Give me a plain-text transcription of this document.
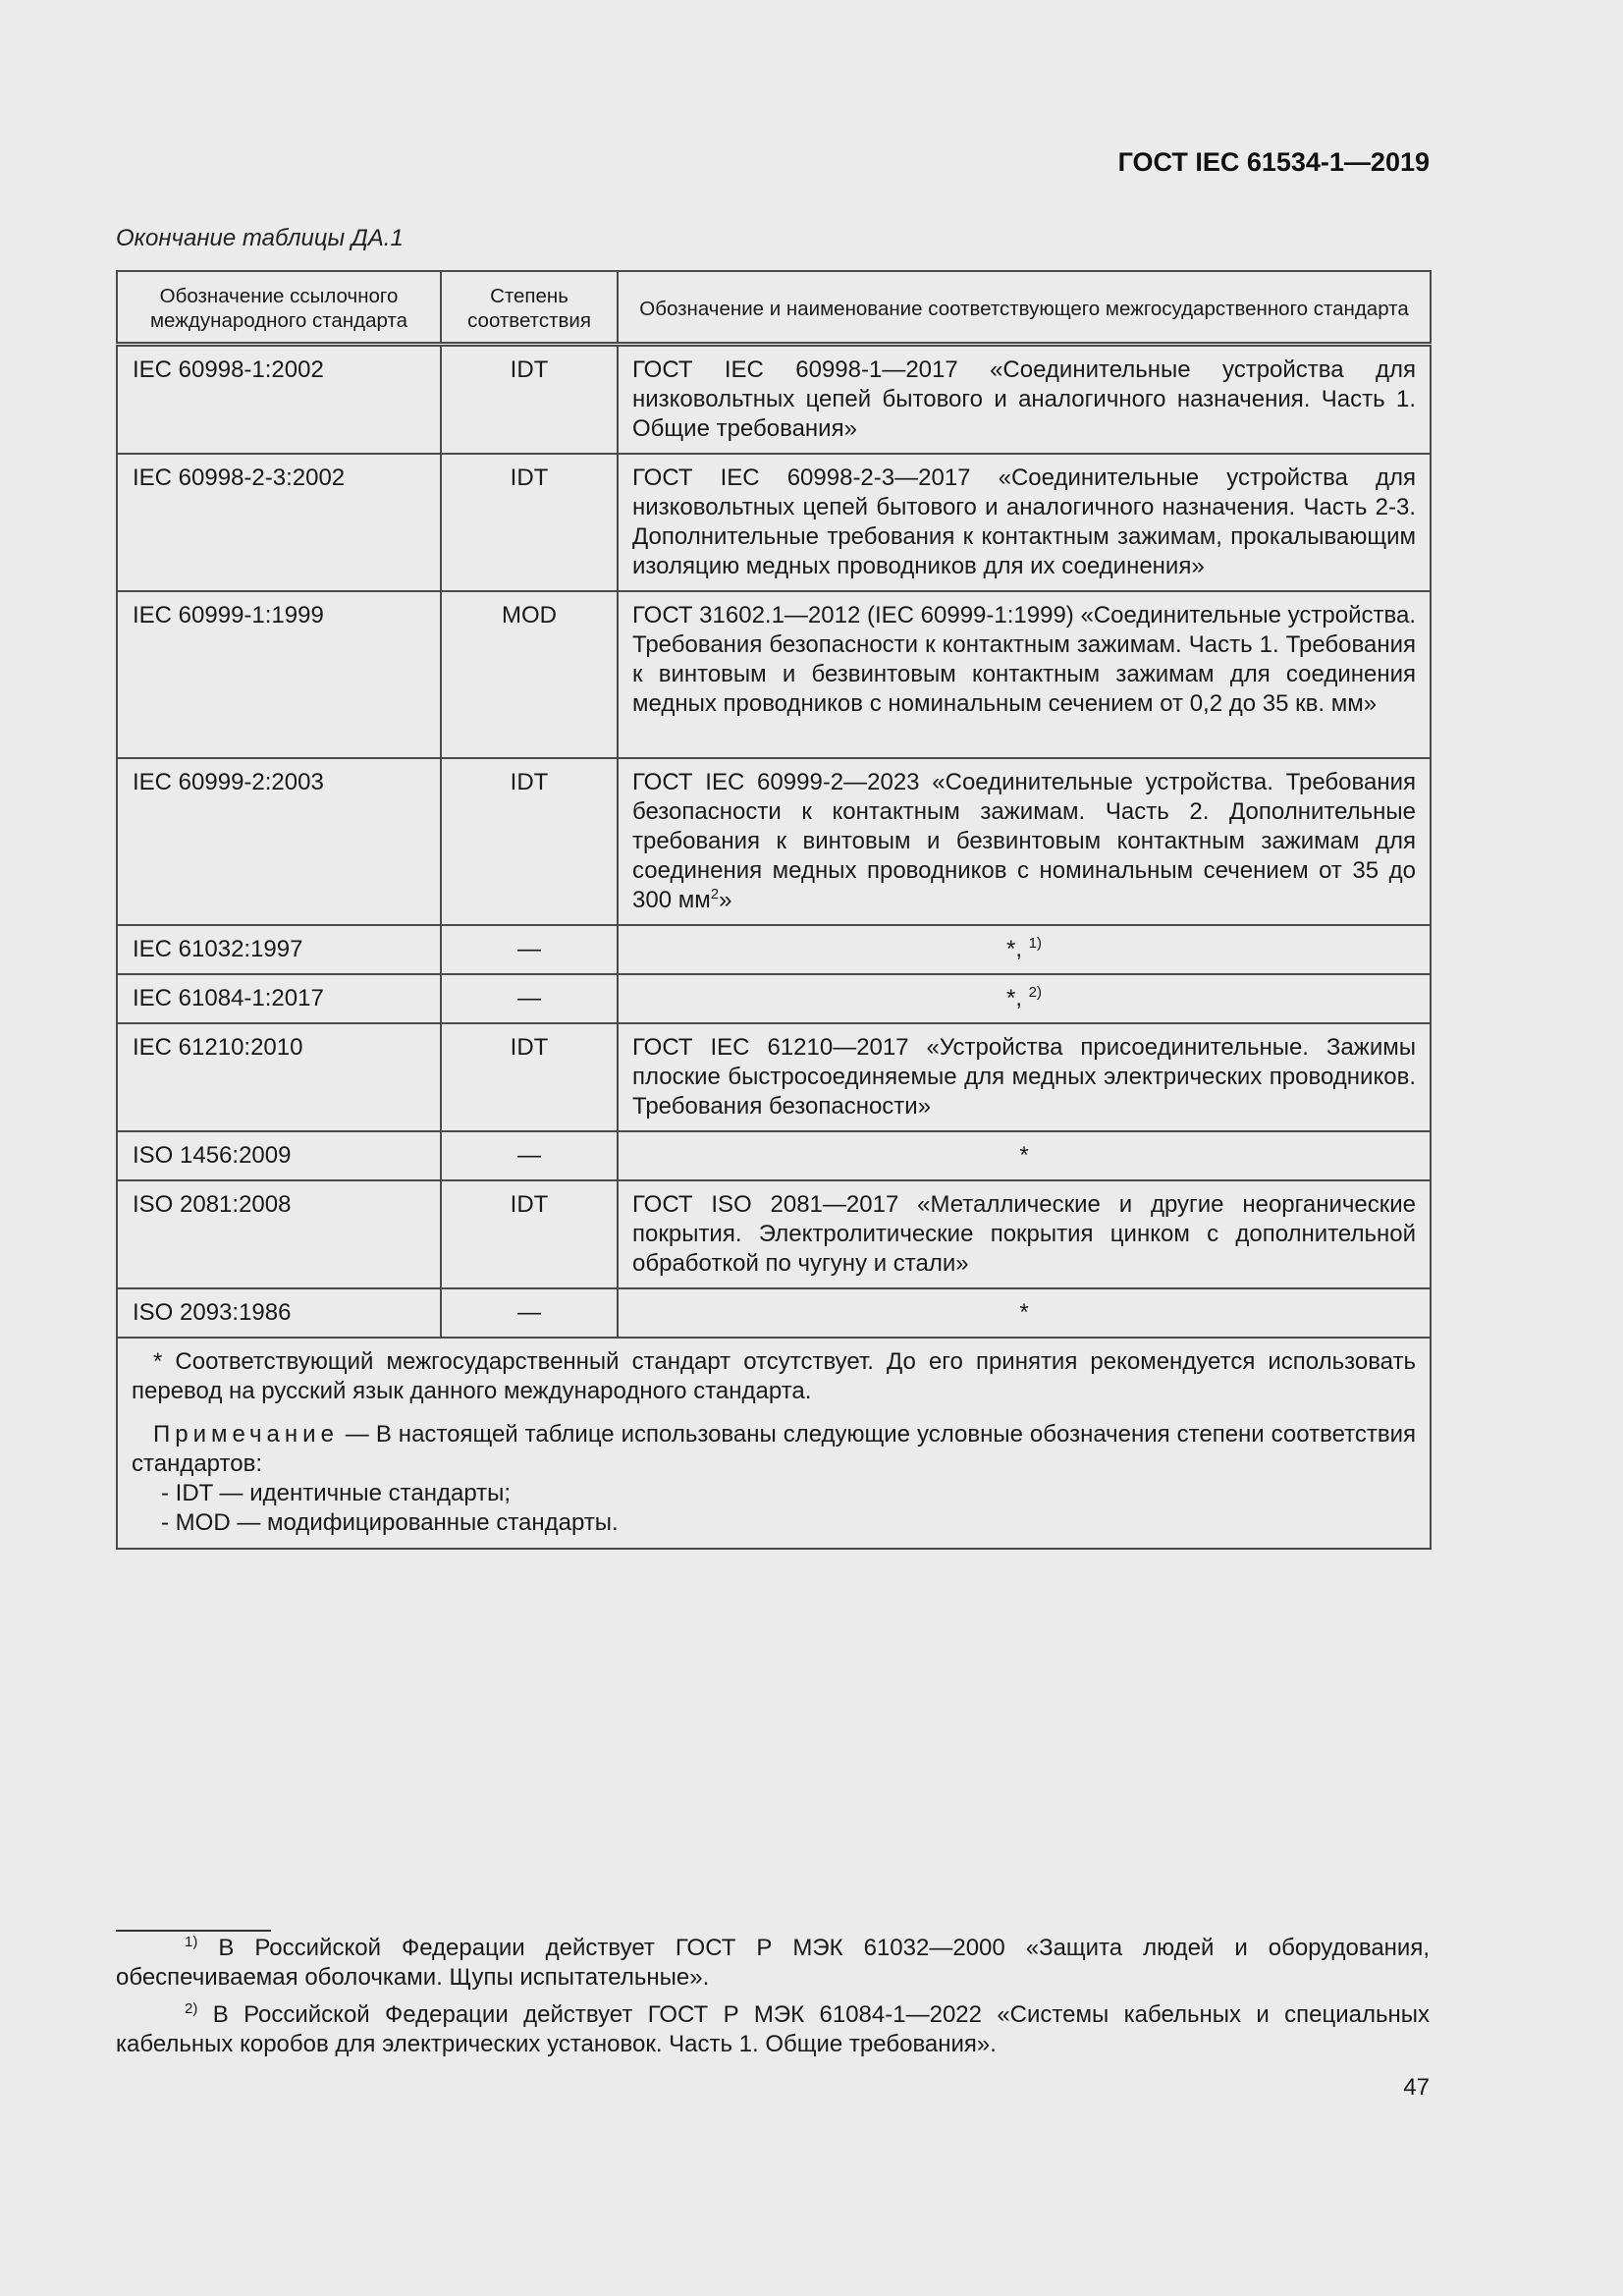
ГОСТ IEC 61534-1—2019
Окончание таблицы ДА.1
Обозначение ссылочного международного стандарта	Степень соответствия	Обозначение и наименование соответствующего межгосударственного стандарта
IEC 60998-1:2002	IDT	ГОСТ IEC 60998-1—2017 «Соединительные устройства для низковольтных цепей бытового и аналогичного назначения. Часть 1. Общие требования»
IEC 60998-2-3:2002	IDT	ГОСТ IEC 60998-2-3—2017 «Соединительные устройства для низковольтных цепей бытового и аналогичного назначения. Часть 2-3. Дополнительные требования к контактным зажимам, прокалывающим изоляцию медных проводников для их соединения»
IEC 60999-1:1999	MOD	ГОСТ 31602.1—2012 (IEC 60999-1:1999) «Соединительные устройства. Требования безопасности к контактным зажимам. Часть 1. Требования к винтовым и безвинтовым контактным зажимам для соединения медных проводников с номинальным сечением от 0,2 до 35 кв. мм»
IEC 60999-2:2003	IDT	ГОСТ IEC 60999-2—2023 «Соединительные устройства. Требования безопасности к контактным зажимам. Часть 2. Дополнительные требования к винтовым и безвинтовым контактным зажимам для соединения медных проводников с номинальным сечением от 35 до 300 $мм^2$»
IEC 61032:1997	—	*, $^{1)}$
IEC 61084-1:2017	—	*, $^{2)}$
IEC 61210:2010	IDT	ГОСТ IEC 61210—2017 «Устройства присоединительные. Зажимы плоские быстросоединяемые для медных электрических проводников. Требования безопасности»
ISO 1456:2009	—	*
ISO 2081:2008	IDT	ГОСТ ISO 2081—2017 «Металлические и другие неорганические покрытия. Электролитические покрытия цинком с дополнительной обработкой по чугуну и стали»
ISO 2093:1986	—	*

* Соответствующий межгосударственный стандарт отсутствует. До его принятия рекомендуется использовать перевод на русский язык данного международного стандарта.

Примечание — В настоящей таблице использованы следующие условные обозначения степени соответствия стандартов:

- IDT — идентичные стандарты;

- MOD — модифицированные стандарты.		

$^{1)}$ В Российской Федерации действует ГОСТ Р МЭК 61032—2000 «Защита людей и оборудования, обеспечиваемая оболочками. Щупы испытательные».

$^{2)}$ В Российской Федерации действует ГОСТ Р МЭК 61084-1—2022 «Системы кабельных и специальных кабельных коробов для электрических установок. Часть 1. Общие требования».

47
